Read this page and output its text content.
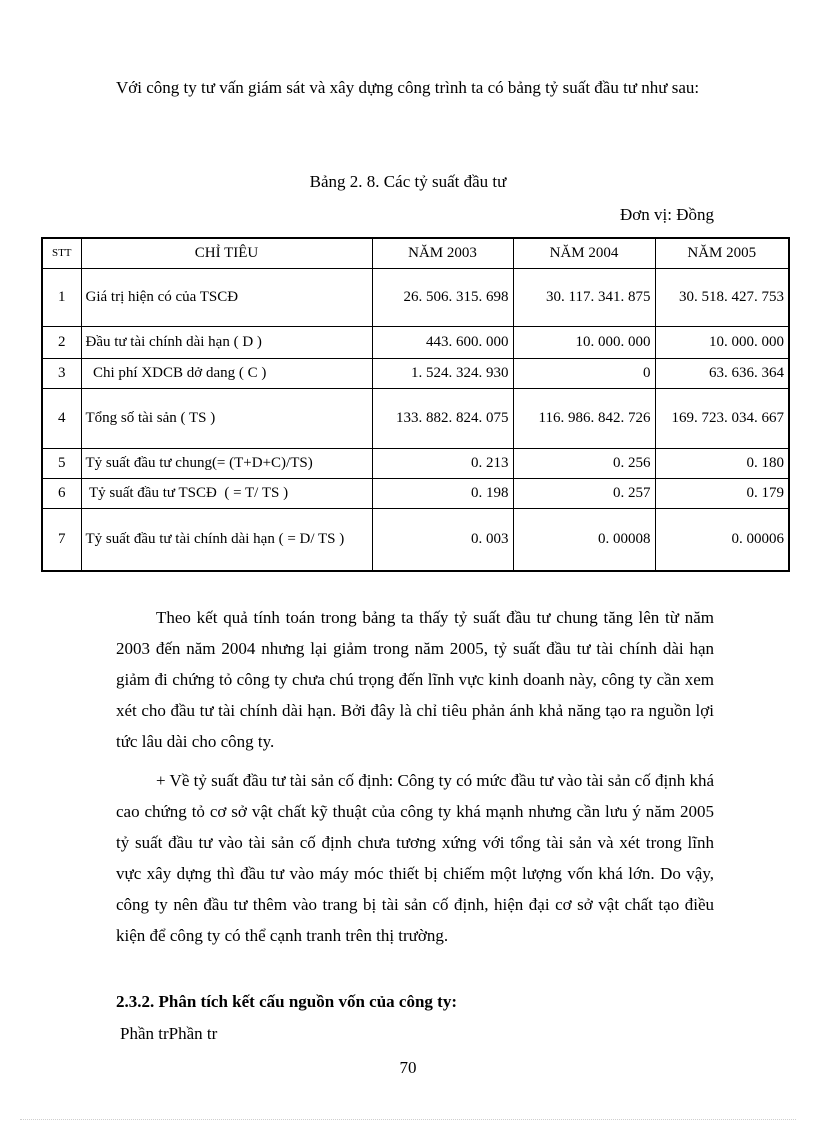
Với công ty tư vấn giám sát và xây dựng công trình ta có bảng tỷ suất đầu tư như sau:

Bảng 2. 8. Các tỷ suất đầu tư
Đơn vị: Đồng
STT	CHỈ TIÊU	NĂM 2003	NĂM 2004	NĂM 2005
1	Giá trị hiện có của TSCĐ	26. 506. 315. 698	30. 117. 341. 875	30. 518. 427. 753
2	Đầu tư tài chính dài hạn ( D )	443. 600. 000	10. 000. 000	10. 000. 000
3	Chi phí XDCB dở dang ( C )	1. 524. 324. 930	0	63. 636. 364
4	Tổng số tài sản ( TS )	133. 882. 824. 075	116. 986. 842. 726	169. 723. 034. 667
5	Tỷ suất đầu tư chung(= (T+D+C)/TS)	0. 213	0. 256	0. 180
6	Tỷ suất đầu tư TSCĐ  ( = T/ TS )	0. 198	0. 257	0. 179
7	Tỷ suất đầu tư tài chính dài hạn ( = D/ TS )	0. 003	0. 00008	0. 00006

Theo kết quả tính toán trong bảng ta thấy tỷ suất đầu tư chung tăng lên từ năm 2003 đến năm 2004 nhưng lại giảm trong năm 2005, tỷ suất đầu tư tài chính dài hạn giảm đi chứng tỏ công ty chưa chú trọng đến lĩnh vực kinh doanh này, công ty cần xem xét cho đầu tư tài chính dài hạn. Bởi đây là chỉ tiêu phản ánh khả năng tạo ra nguồn lợi tức lâu dài cho công ty.

+ Về tỷ suất đầu tư tài sản cố định: Công ty có mức đầu tư vào tài sản cố định khá cao chứng tỏ cơ sở vật chất kỹ thuật của công ty khá mạnh nhưng cần lưu ý năm 2005 tỷ suất đầu tư vào tài sản cố định chưa tương xứng với tổng tài sản và xét trong lĩnh vực xây dựng thì đầu tư vào máy móc thiết bị chiếm một lượng vốn khá lớn. Do vậy, công ty nên đầu tư thêm vào trang bị tài sản cố định, hiện đại cơ sở vật chất tạo điều kiện để công ty có thể cạnh tranh trên thị trường.

2.3.2. Phân tích kết cấu nguồn vốn của công ty:
Phần trPhần tr
70
